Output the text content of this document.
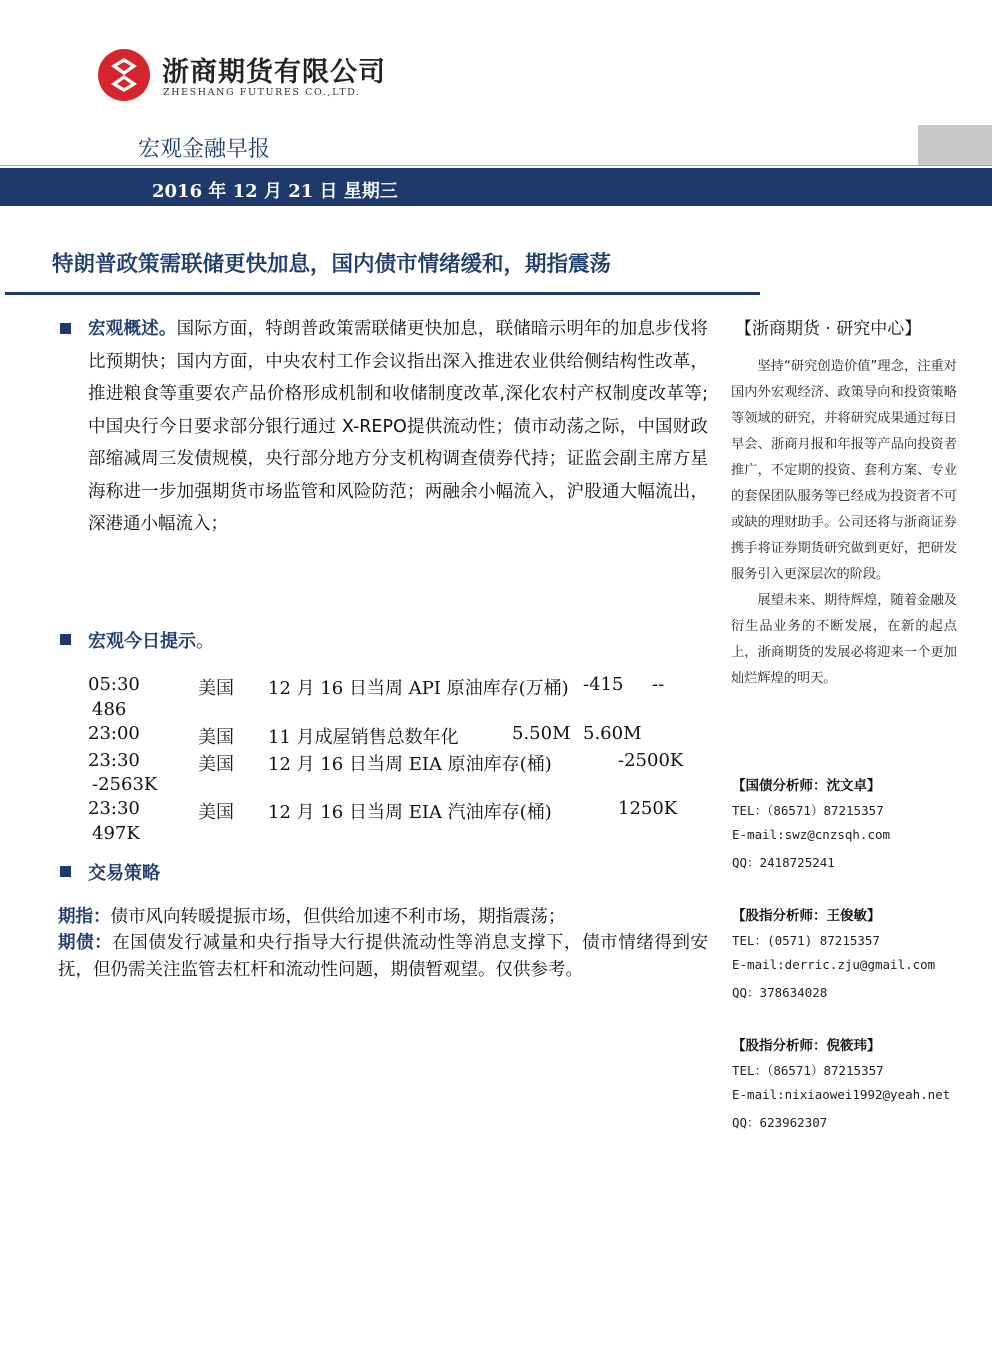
浙商期货有限公司
ZHESHANG FUTURES CO.,LTD.
宏观金融早报
2016 年 12 月 21 日 星期三
特朗普政策需联储更快加息，国内债市情绪缓和，期指震荡
宏观概述。国际方面，特朗普政策需联储更快加息，联储暗示明年的加息步伐将比预期快；国内方面，中央农村工作会议指出深入推进农业供给侧结构性改革，推进粮食等重要农产品价格形成机制和收储制度改革,深化农村产权制度改革等;中国央行今日要求部分银行通过 X-REPO提供流动性；债市动荡之际，中国财政部缩减周三发债规模，央行部分地方分支机构调查债券代持；证监会副主席方星海称进一步加强期货市场监管和风险防范；两融余小幅流入，沪股通大幅流出，深港通小幅流入；
宏观今日提示。
05:30	美国 12 月 16 日当周 API 原油库存(万桶) -415 --
486
23:00	美国 11 月成屋销售总数年化	5.50M 5.60M
23:30	美国 12 月 16 日当周 EIA 原油库存(桶)	-2500K
-2563K
23:30	美国 12 月 16 日当周 EIA 汽油库存(桶)	1250K
497K
交易策略
期指：债市风向转暖提振市场，但供给加速不利市场，期指震荡；
期债：在国债发行减量和央行指导大行提供流动性等消息支撑下，债市情绪得到安抚，但仍需关注监管去杠杆和流动性问题，期债暂观望。仅供参考。
【浙商期货 · 研究中心】

坚持“研究创造价值”理念，注重对国内外宏观经济、政策导向和投资策略等领域的研究，并将研究成果通过每日早会、浙商月报和年报等产品向投资者推广，不定期的投资、套利方案、专业的套保团队服务等已经成为投资者不可或缺的理财助手。公司还将与浙商证券携手将证券期货研究做到更好，把研发服务引入更深层次的阶段。

展望未来、期待辉煌，随着金融及衍生品业务的不断发展，在新的起点上，浙商期货的发展必将迎来一个更加灿烂辉煌的明天。

【国债分析师：沈文卓】
TEL：（86571）87215357
E-mail:swz@cnzsqh.com
QQ：2418725241
【股指分析师：王俊敏】
TEL：(0571) 87215357
E-mail:derric.zju@gmail.com
QQ：378634028
【股指分析师：倪筱玮】
TEL：（86571）87215357
E-mail:nixiaowei1992@yeah.net
QQ：623962307
